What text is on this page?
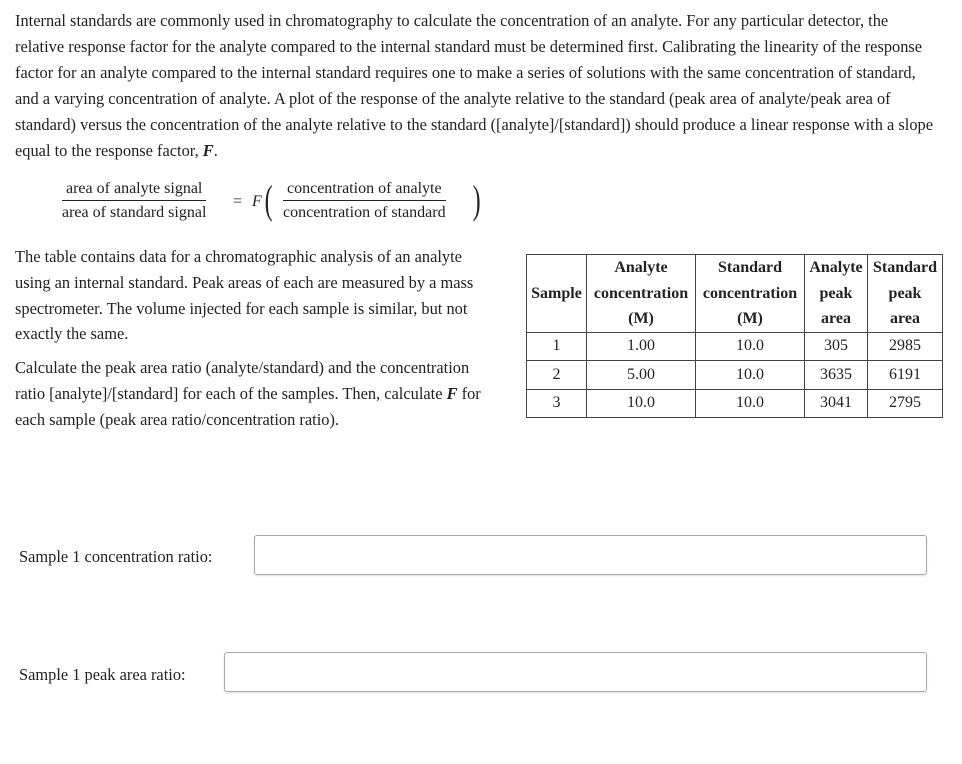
Internal standards are commonly used in chromatography to calculate the concentration of an analyte. For any particular detector, the relative response factor for the analyte compared to the internal standard must be determined first. Calibrating the linearity of the response factor for an analyte compared to the internal standard requires one to make a series of solutions with the same concentration of standard, and a varying concentration of analyte. A plot of the response of the analyte relative to the standard (peak area of analyte/peak area of standard) versus the concentration of the analyte relative to the standard ([analyte]/[standard]) should produce a linear response with a slope equal to the response factor, F.

area of analyte signal
area of standard signal
= F ( concentration of analyte
concentration of standard )

The table contains data for a chromatographic analysis of an analyte using an internal standard. Peak areas of each are measured by a mass spectrometer. The volume injected for each sample is similar, but not exactly the same.

Calculate the peak area ratio (analyte/standard) and the concentration ratio [analyte]/[standard] for each of the samples. Then, calculate F for each sample (peak area ratio/concentration ratio).

Sample	Analyte
concentration
(M)	Standard
concentration
(M)	Analyte
peak
area	Standard
peak
area
1	1.00	10.0	305	2985
2	5.00	10.0	3635	6191
3	10.0	10.0	3041	2795
Sample 1 concentration ratio:
Sample 1 peak area ratio:
